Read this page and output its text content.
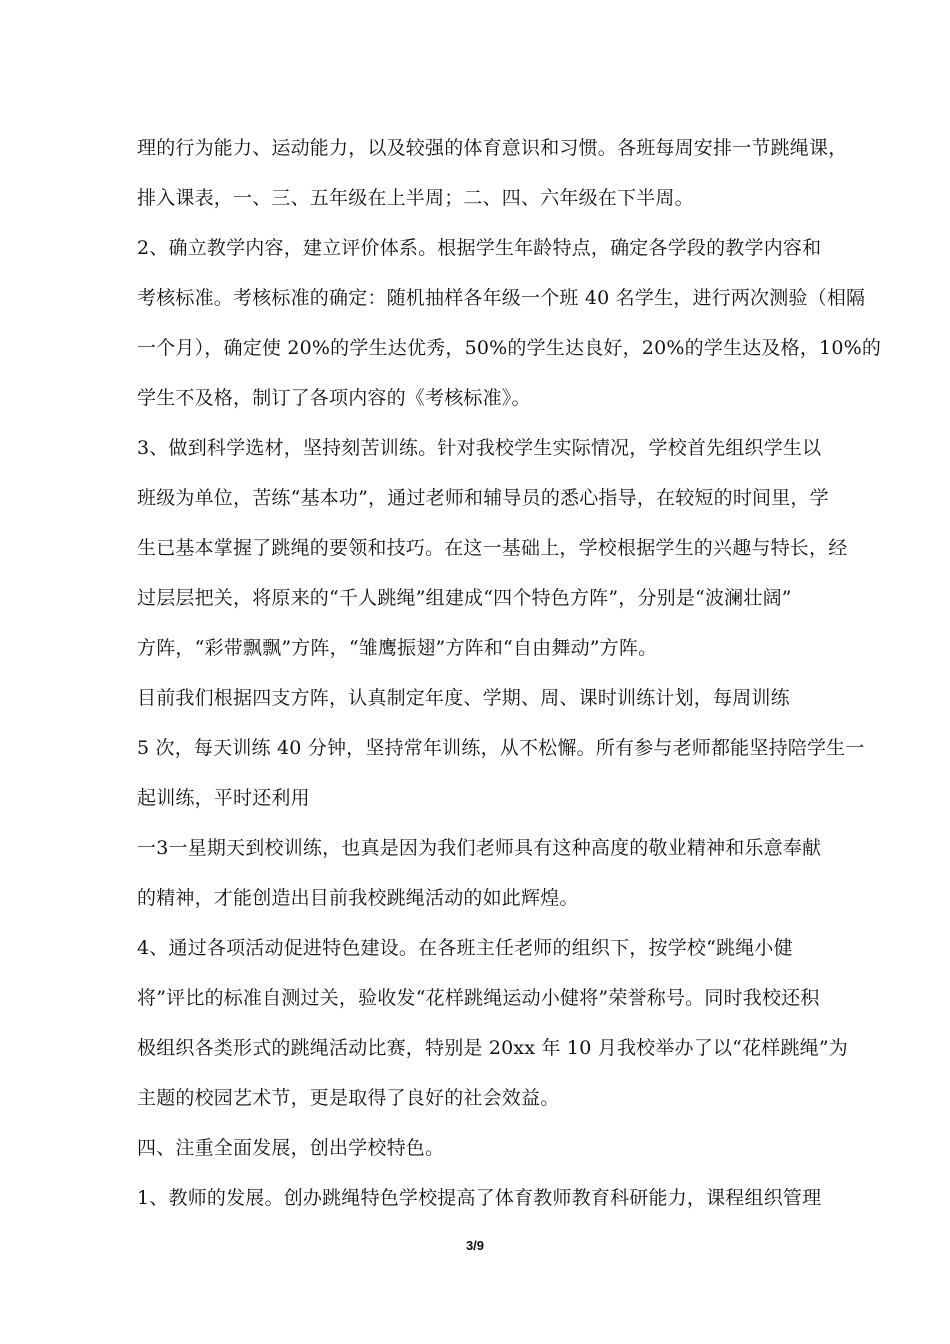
理的行为能力、运动能力，以及较强的体育意识和习惯。各班每周安排一节跳绳课，
排入课表，一、三、五年级在上半周；二、四、六年级在下半周。
2、确立教学内容，建立评价体系。根据学生年龄特点，确定各学段的教学内容和
考核标准。考核标准的确定：随机抽样各年级一个班 40 名学生，进行两次测验（相隔
一个月），确定使 20%的学生达优秀，50%的学生达良好，20%的学生达及格，10%的
学生不及格，制订了各项内容的《考核标准》。
3、做到科学选材，坚持刻苦训练。针对我校学生实际情况，学校首先组织学生以
班级为单位，苦练“基本功”，通过老师和辅导员的悉心指导，在较短的时间里，学
生已基本掌握了跳绳的要领和技巧。在这一基础上，学校根据学生的兴趣与特长，经
过层层把关，将原来的“千人跳绳”组建成“四个特色方阵”，分别是“波澜壮阔”
方阵，“彩带飘飘”方阵，“雏鹰振翅”方阵和“自由舞动”方阵。
目前我们根据四支方阵，认真制定年度、学期、周、课时训练计划，每周训练
5 次，每天训练 40 分钟，坚持常年训练，从不松懈。所有参与老师都能坚持陪学生一
起训练，平时还利用
一3一星期天到校训练，也真是因为我们老师具有这种高度的敬业精神和乐意奉献
的精神，才能创造出目前我校跳绳活动的如此辉煌。
4、通过各项活动促进特色建设。在各班主任老师的组织下，按学校“跳绳小健
将”评比的标准自测过关，验收发“花样跳绳运动小健将”荣誉称号。同时我校还积
极组织各类形式的跳绳活动比赛，特别是 20xx 年 10 月我校举办了以“花样跳绳”为
主题的校园艺术节，更是取得了良好的社会效益。
四、注重全面发展，创出学校特色。
1、教师的发展。创办跳绳特色学校提高了体育教师教育科研能力，课程组织管理
3/9
